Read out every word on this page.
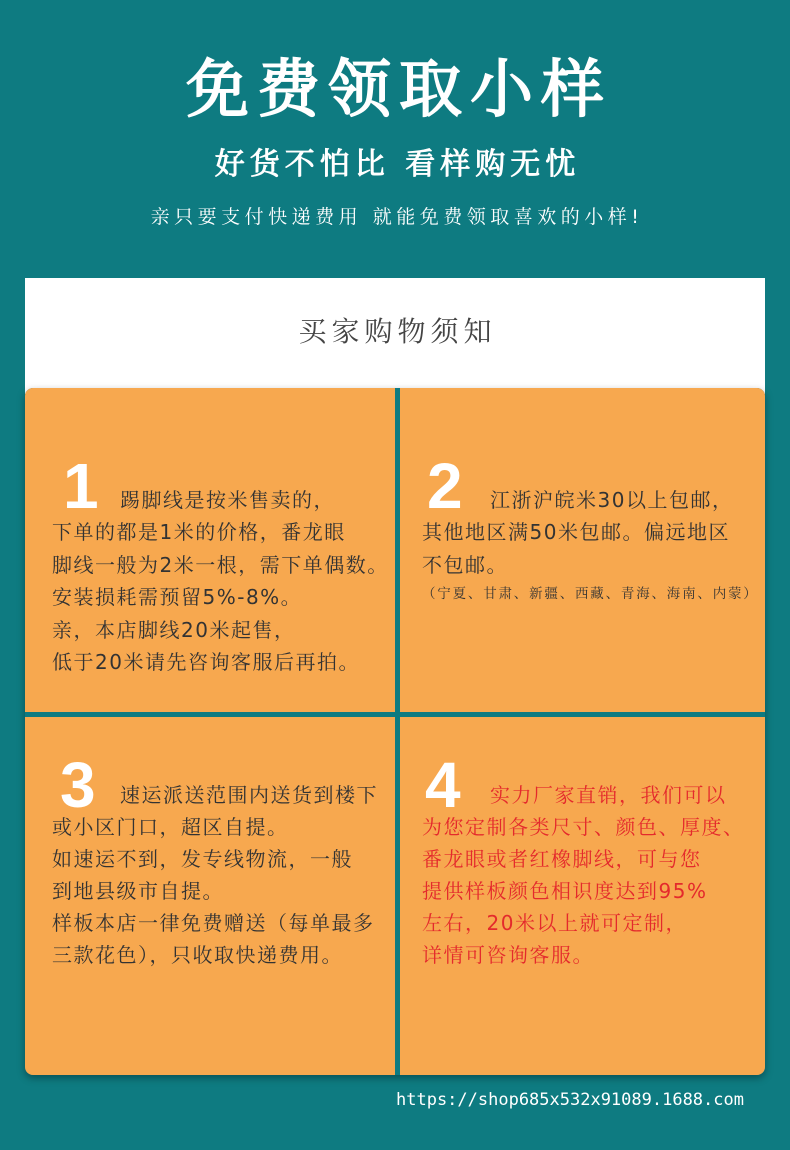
免费领取小样
好货不怕比 看样购无忧
亲只要支付快递费用 就能免费领取喜欢的小样!
买家购物须知
1	踢脚线是按米售卖的，
下单的都是1米的价格，番龙眼
脚线一般为2米一根，需下单偶数。
安装损耗需预留5%-8%。
亲，本店脚线20米起售，
低于20米请先咨询客服后再拍。
2	江浙沪皖米30以上包邮，
其他地区满50米包邮。偏远地区
不包邮。
（宁夏、甘肃、新疆、西藏、青海、海南、内蒙）
3	速运派送范围内送货到楼下
或小区门口，超区自提。
如速运不到，发专线物流，一般
到地县级市自提。
样板本店一律免费赠送（每单最多
三款花色），只收取快递费用。
4	实力厂家直销，我们可以
为您定制各类尺寸、颜色、厚度、
番龙眼或者红橡脚线，可与您
提供样板颜色相识度达到95%
左右，20米以上就可定制，
详情可咨询客服。
https://shop685x532x91089.1688.com
